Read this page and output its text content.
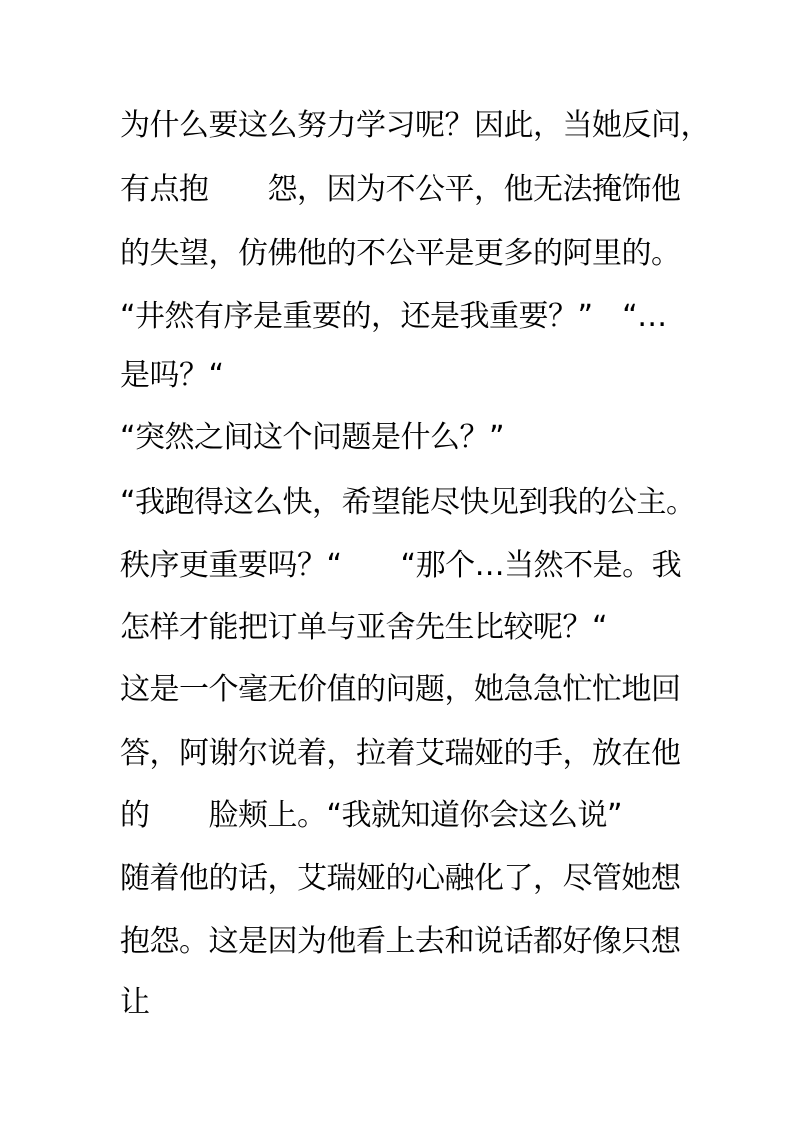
为什么要这么努力学习呢？因此，当她反问，
有点抱　　怨，因为不公平，他无法掩饰他
的失望，仿佛他的不公平是更多的阿里的。
“井然有序是重要的，还是我重要？”　“…
是吗？“
“突然之间这个问题是什么？”
“我跑得这么快，希望能尽快见到我的公主。
秩序更重要吗？“　　“那个…当然不是。我
怎样才能把订单与亚舍先生比较呢？“
这是一个毫无价值的问题，她急急忙忙地回
答，阿谢尔说着，拉着艾瑞娅的手，放在他
的　　脸颊上。“我就知道你会这么说”
随着他的话，艾瑞娅的心融化了，尽管她想
抱怨。这是因为他看上去和说话都好像只想
让
